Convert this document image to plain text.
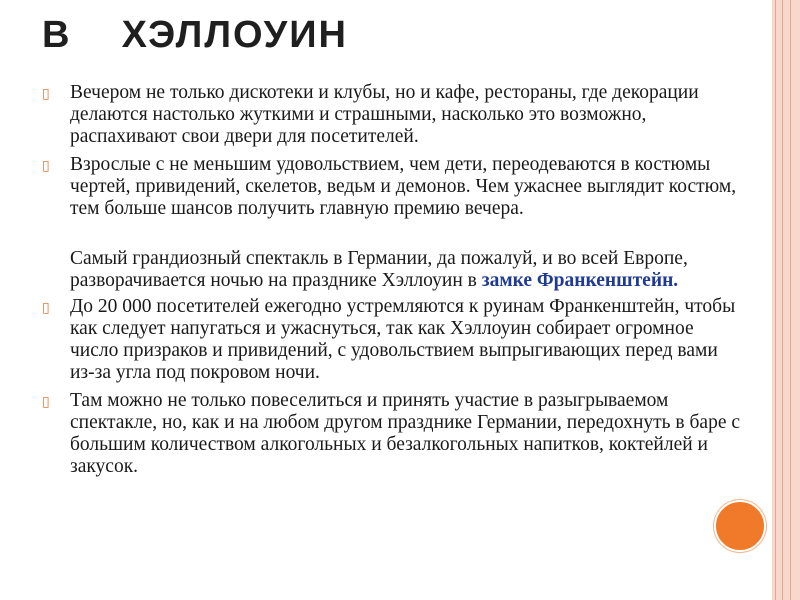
В    ХЭЛЛОУИН
▯ Вечером не только дискотеки и клубы, но и кафе, рестораны, где декорации делаются настолько жуткими и страшными, насколько это возможно, распахивают свои двери для посетителей.
▯ Взрослые с не меньшим удовольствием, чем дети, переодеваются в костюмы чертей, привидений, скелетов, ведьм и демонов. Чем ужаснее выглядит костюм, тем больше шансов получить главную премию вечера.
Самый грандиозный спектакль в Германии, да пожалуй, и во всей Европе, разворачивается ночью на празднике Хэллоуин в замке Франкенштейн.
▯ До 20 000 посетителей ежегодно устремляются к руинам Франкенштейн, чтобы как следует напугаться и ужаснуться, так как Хэллоуин собирает огромное число призраков и привидений, с удовольствием выпрыгивающих перед вами из-за угла под покровом ночи.
▯ Там можно не только повеселиться и принять участие в разыгрываемом спектакле, но, как и на любом другом празднике Германии, передохнуть в баре с большим количеством алкогольных и безалкогольных напитков, коктейлей и закусок.
